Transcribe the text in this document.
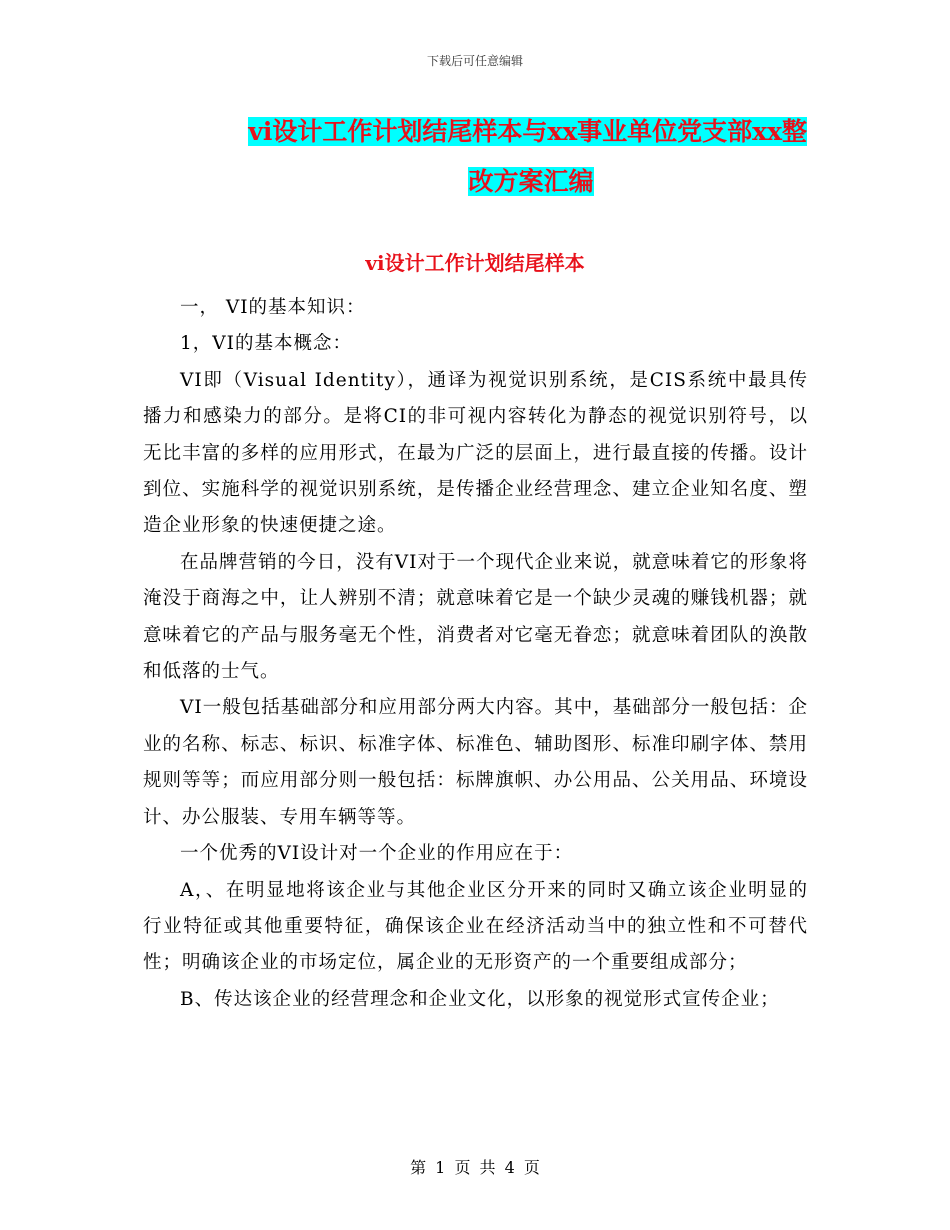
下载后可任意编辑
vi设计工作计划结尾样本与xx事业单位党支部xx整
改方案汇编
vi设计工作计划结尾样本

一， VI的基本知识：

1，VI的基本概念：

VI即（Visual Identity），通译为视觉识别系统，是CIS系统中最具传播力和感染力的部分。是将CI的非可视内容转化为静态的视觉识别符号，以无比丰富的多样的应用形式，在最为广泛的层面上，进行最直接的传播。设计到位、实施科学的视觉识别系统，是传播企业经营理念、建立企业知名度、塑造企业形象的快速便捷之途。

在品牌营销的今日，没有VI对于一个现代企业来说，就意味着它的形象将淹没于商海之中，让人辨别不清；就意味着它是一个缺少灵魂的赚钱机器；就意味着它的产品与服务毫无个性，消费者对它毫无眷恋；就意味着团队的涣散和低落的士气。

VI一般包括基础部分和应用部分两大内容。其中，基础部分一般包括：企业的名称、标志、标识、标准字体、标准色、辅助图形、标准印刷字体、禁用规则等等；而应用部分则一般包括：标牌旗帜、办公用品、公关用品、环境设计、办公服装、专用车辆等等。

一个优秀的VI设计对一个企业的作用应在于：

A，、在明显地将该企业与其他企业区分开来的同时又确立该企业明显的行业特征或其他重要特征，确保该企业在经济活动当中的独立性和不可替代性；明确该企业的市场定位，属企业的无形资产的一个重要组成部分；

B、传达该企业的经营理念和企业文化，以形象的视觉形式宣传企业；

第 1 页 共 4 页
